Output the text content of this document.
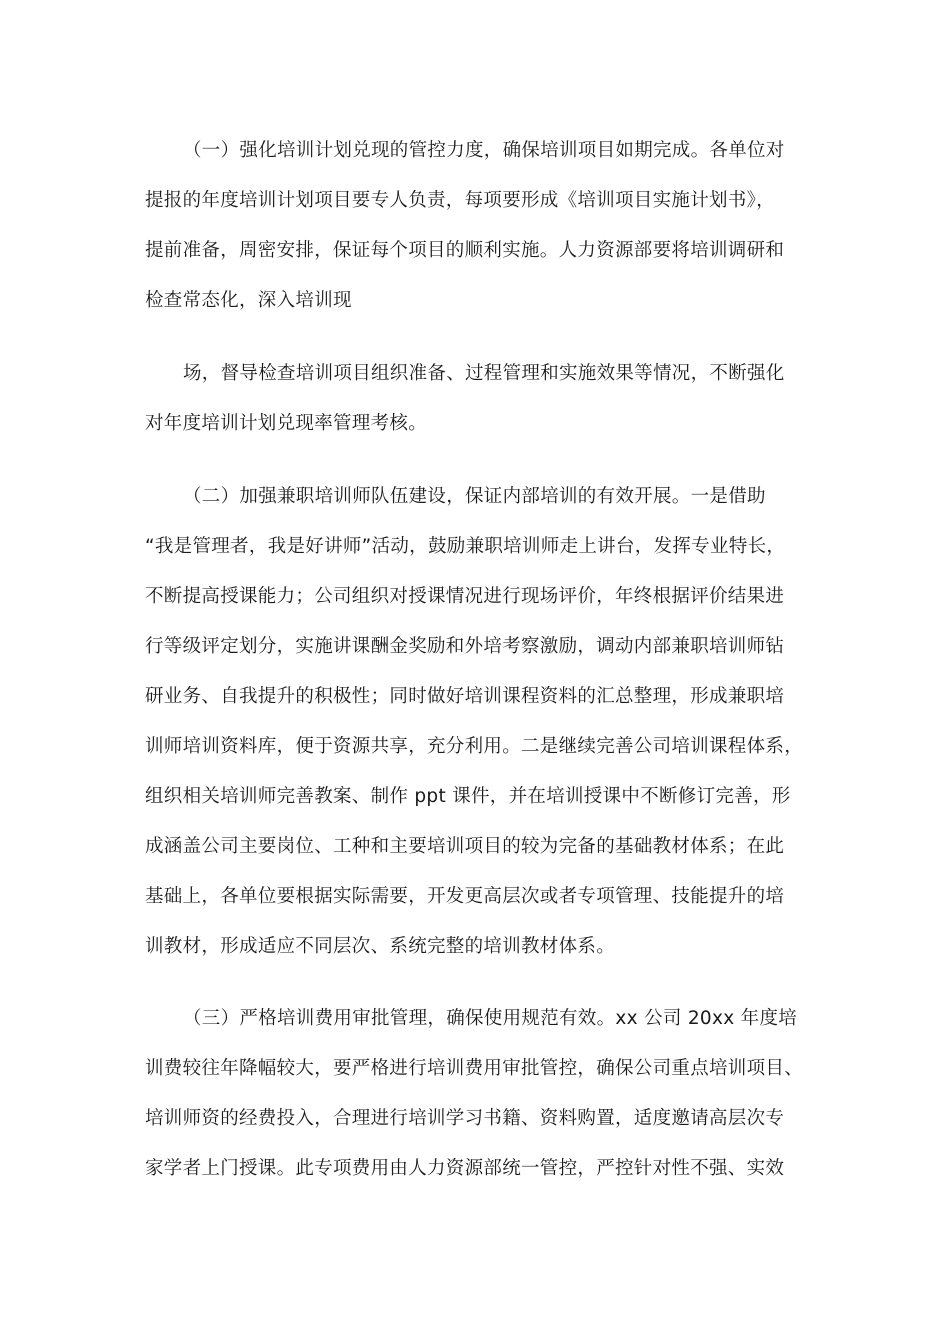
（一）强化培训计划兑现的管控力度，确保培训项目如期完成。各单位对
提报的年度培训计划项目要专人负责，每项要形成《培训项目实施计划书》，
提前准备，周密安排，保证每个项目的顺利实施。人力资源部要将培训调研和
检查常态化，深入培训现
场，督导检查培训项目组织准备、过程管理和实施效果等情况，不断强化
对年度培训计划兑现率管理考核。
（二）加强兼职培训师队伍建设，保证内部培训的有效开展。一是借助
“我是管理者，我是好讲师”活动，鼓励兼职培训师走上讲台，发挥专业特长，
不断提高授课能力；公司组织对授课情况进行现场评价，年终根据评价结果进
行等级评定划分，实施讲课酬金奖励和外培考察激励，调动内部兼职培训师钻
研业务、自我提升的积极性；同时做好培训课程资料的汇总整理，形成兼职培
训师培训资料库，便于资源共享，充分利用。二是继续完善公司培训课程体系，
组织相关培训师完善教案、制作 ppt 课件，并在培训授课中不断修订完善，形
成涵盖公司主要岗位、工种和主要培训项目的较为完备的基础教材体系；在此
基础上，各单位要根据实际需要，开发更高层次或者专项管理、技能提升的培
训教材，形成适应不同层次、系统完整的培训教材体系。
（三）严格培训费用审批管理，确保使用规范有效。xx 公司 20xx 年度培
训费较往年降幅较大，要严格进行培训费用审批管控，确保公司重点培训项目、
培训师资的经费投入，合理进行培训学习书籍、资料购置，适度邀请高层次专
家学者上门授课。此专项费用由人力资源部统一管控，严控针对性不强、实效
